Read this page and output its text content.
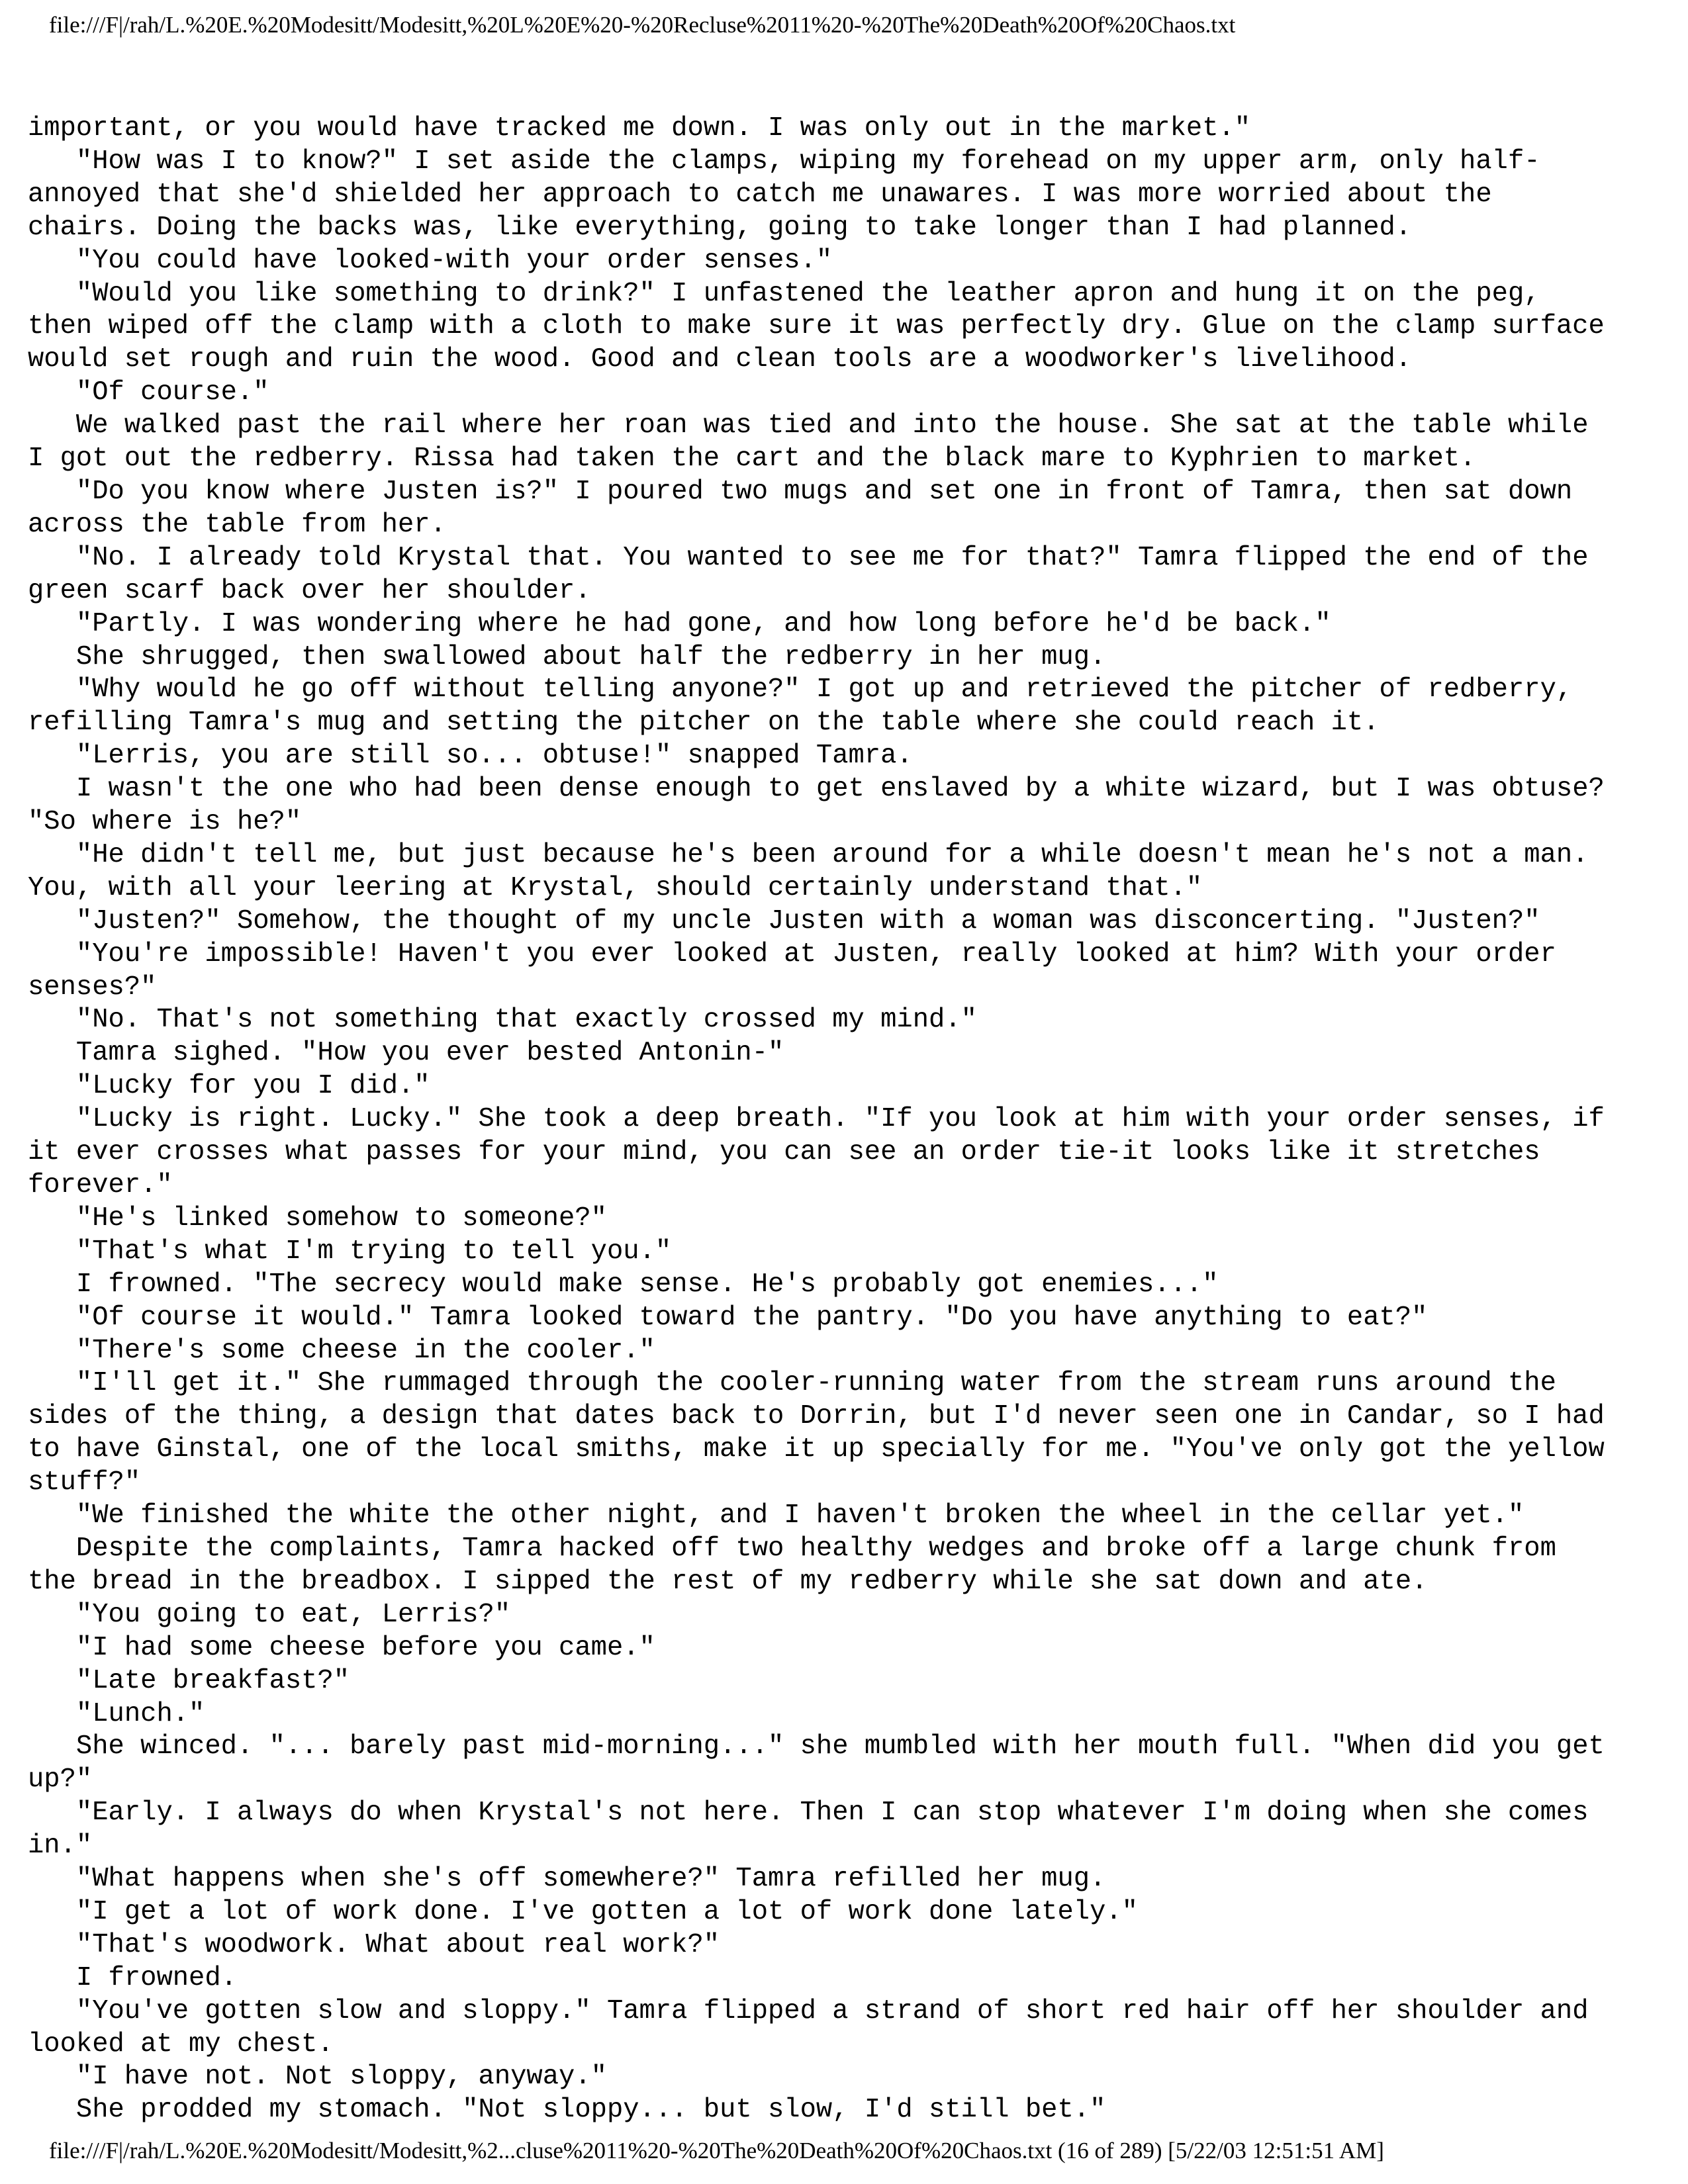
file:///F|/rah/L.%20E.%20Modesitt/Modesitt,%20L%20E%20-%20Recluse%2011%20-%20The%20Death%20Of%20Chaos.txt
important, or you would have tracked me down. I was only out in the market."
"How was I to know?" I set aside the clamps, wiping my forehead on my upper arm, only half-
annoyed that she'd shielded her approach to catch me unawares. I was more worried about the
chairs. Doing the backs was, like everything, going to take longer than I had planned.
"You could have looked-with your order senses."
"Would you like something to drink?" I unfastened the leather apron and hung it on the peg,
then wiped off the clamp with a cloth to make sure it was perfectly dry. Glue on the clamp surface
would set rough and ruin the wood. Good and clean tools are a woodworker's livelihood.
"Of course."
We walked past the rail where her roan was tied and into the house. She sat at the table while
I got out the redberry. Rissa had taken the cart and the black mare to Kyphrien to market.
"Do you know where Justen is?" I poured two mugs and set one in front of Tamra, then sat down
across the table from her.
"No. I already told Krystal that. You wanted to see me for that?" Tamra flipped the end of the
green scarf back over her shoulder.
"Partly. I was wondering where he had gone, and how long before he'd be back."
She shrugged, then swallowed about half the redberry in her mug.
"Why would he go off without telling anyone?" I got up and retrieved the pitcher of redberry,
refilling Tamra's mug and setting the pitcher on the table where she could reach it.
"Lerris, you are still so... obtuse!" snapped Tamra.
I wasn't the one who had been dense enough to get enslaved by a white wizard, but I was obtuse?
"So where is he?"
"He didn't tell me, but just because he's been around for a while doesn't mean he's not a man.
You, with all your leering at Krystal, should certainly understand that."
"Justen?" Somehow, the thought of my uncle Justen with a woman was disconcerting. "Justen?"
"You're impossible! Haven't you ever looked at Justen, really looked at him? With your order
senses?"
"No. That's not something that exactly crossed my mind."
Tamra sighed. "How you ever bested Antonin-"
"Lucky for you I did."
"Lucky is right. Lucky." She took a deep breath. "If you look at him with your order senses, if
it ever crosses what passes for your mind, you can see an order tie-it looks like it stretches
forever."
"He's linked somehow to someone?"
"That's what I'm trying to tell you."
I frowned. "The secrecy would make sense. He's probably got enemies..."
"Of course it would." Tamra looked toward the pantry. "Do you have anything to eat?"
"There's some cheese in the cooler."
"I'll get it." She rummaged through the cooler-running water from the stream runs around the
sides of the thing, a design that dates back to Dorrin, but I'd never seen one in Candar, so I had
to have Ginstal, one of the local smiths, make it up specially for me. "You've only got the yellow
stuff?"
"We finished the white the other night, and I haven't broken the wheel in the cellar yet."
Despite the complaints, Tamra hacked off two healthy wedges and broke off a large chunk from
the bread in the breadbox. I sipped the rest of my redberry while she sat down and ate.
"You going to eat, Lerris?"
"I had some cheese before you came."
"Late breakfast?"
"Lunch."
She winced. "... barely past mid-morning..." she mumbled with her mouth full. "When did you get
up?"
"Early. I always do when Krystal's not here. Then I can stop whatever I'm doing when she comes
in."
"What happens when she's off somewhere?" Tamra refilled her mug.
"I get a lot of work done. I've gotten a lot of work done lately."
"That's woodwork. What about real work?"
I frowned.
"You've gotten slow and sloppy." Tamra flipped a strand of short red hair off her shoulder and
looked at my chest.
"I have not. Not sloppy, anyway."
She prodded my stomach. "Not sloppy... but slow, I'd still bet."
file:///F|/rah/L.%20E.%20Modesitt/Modesitt,%2...cluse%2011%20-%20The%20Death%20Of%20Chaos.txt (16 of 289) [5/22/03 12:51:51 AM]
